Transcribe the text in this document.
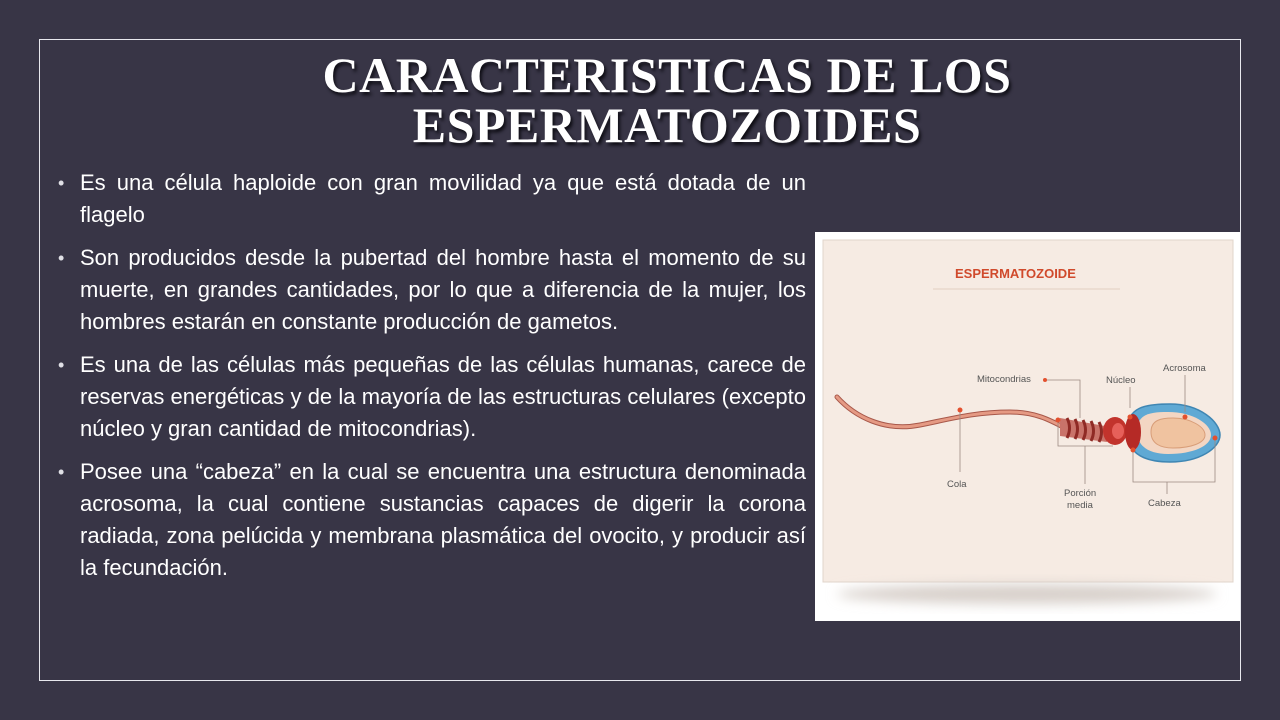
CARACTERISTICAS DE LOS
ESPERMATOZOIDES
• Es una célula haploide con gran movilidad ya que está dotada de un flagelo
• Son producidos desde la pubertad del hombre hasta el momento de su muerte, en grandes cantidades, por lo que a diferencia de la mujer, los hombres estarán en constante producción de gametos.
• Es una de las células más pequeñas de las células humanas, carece de reservas energéticas y de la mayoría de las estructuras celulares (excepto núcleo y gran cantidad de mitocondrias).
• Posee una “cabeza” en la cual se encuentra una estructura denominada acrosoma, la cual contiene sustancias capaces de digerir la corona radiada, zona pelúcida y membrana plasmática del ovocito, y producir así la fecundación.
ESPERMATOZOIDE
Mitocondrias	Núcleo
Acrosoma
Cola
Porción
media	Cabeza
